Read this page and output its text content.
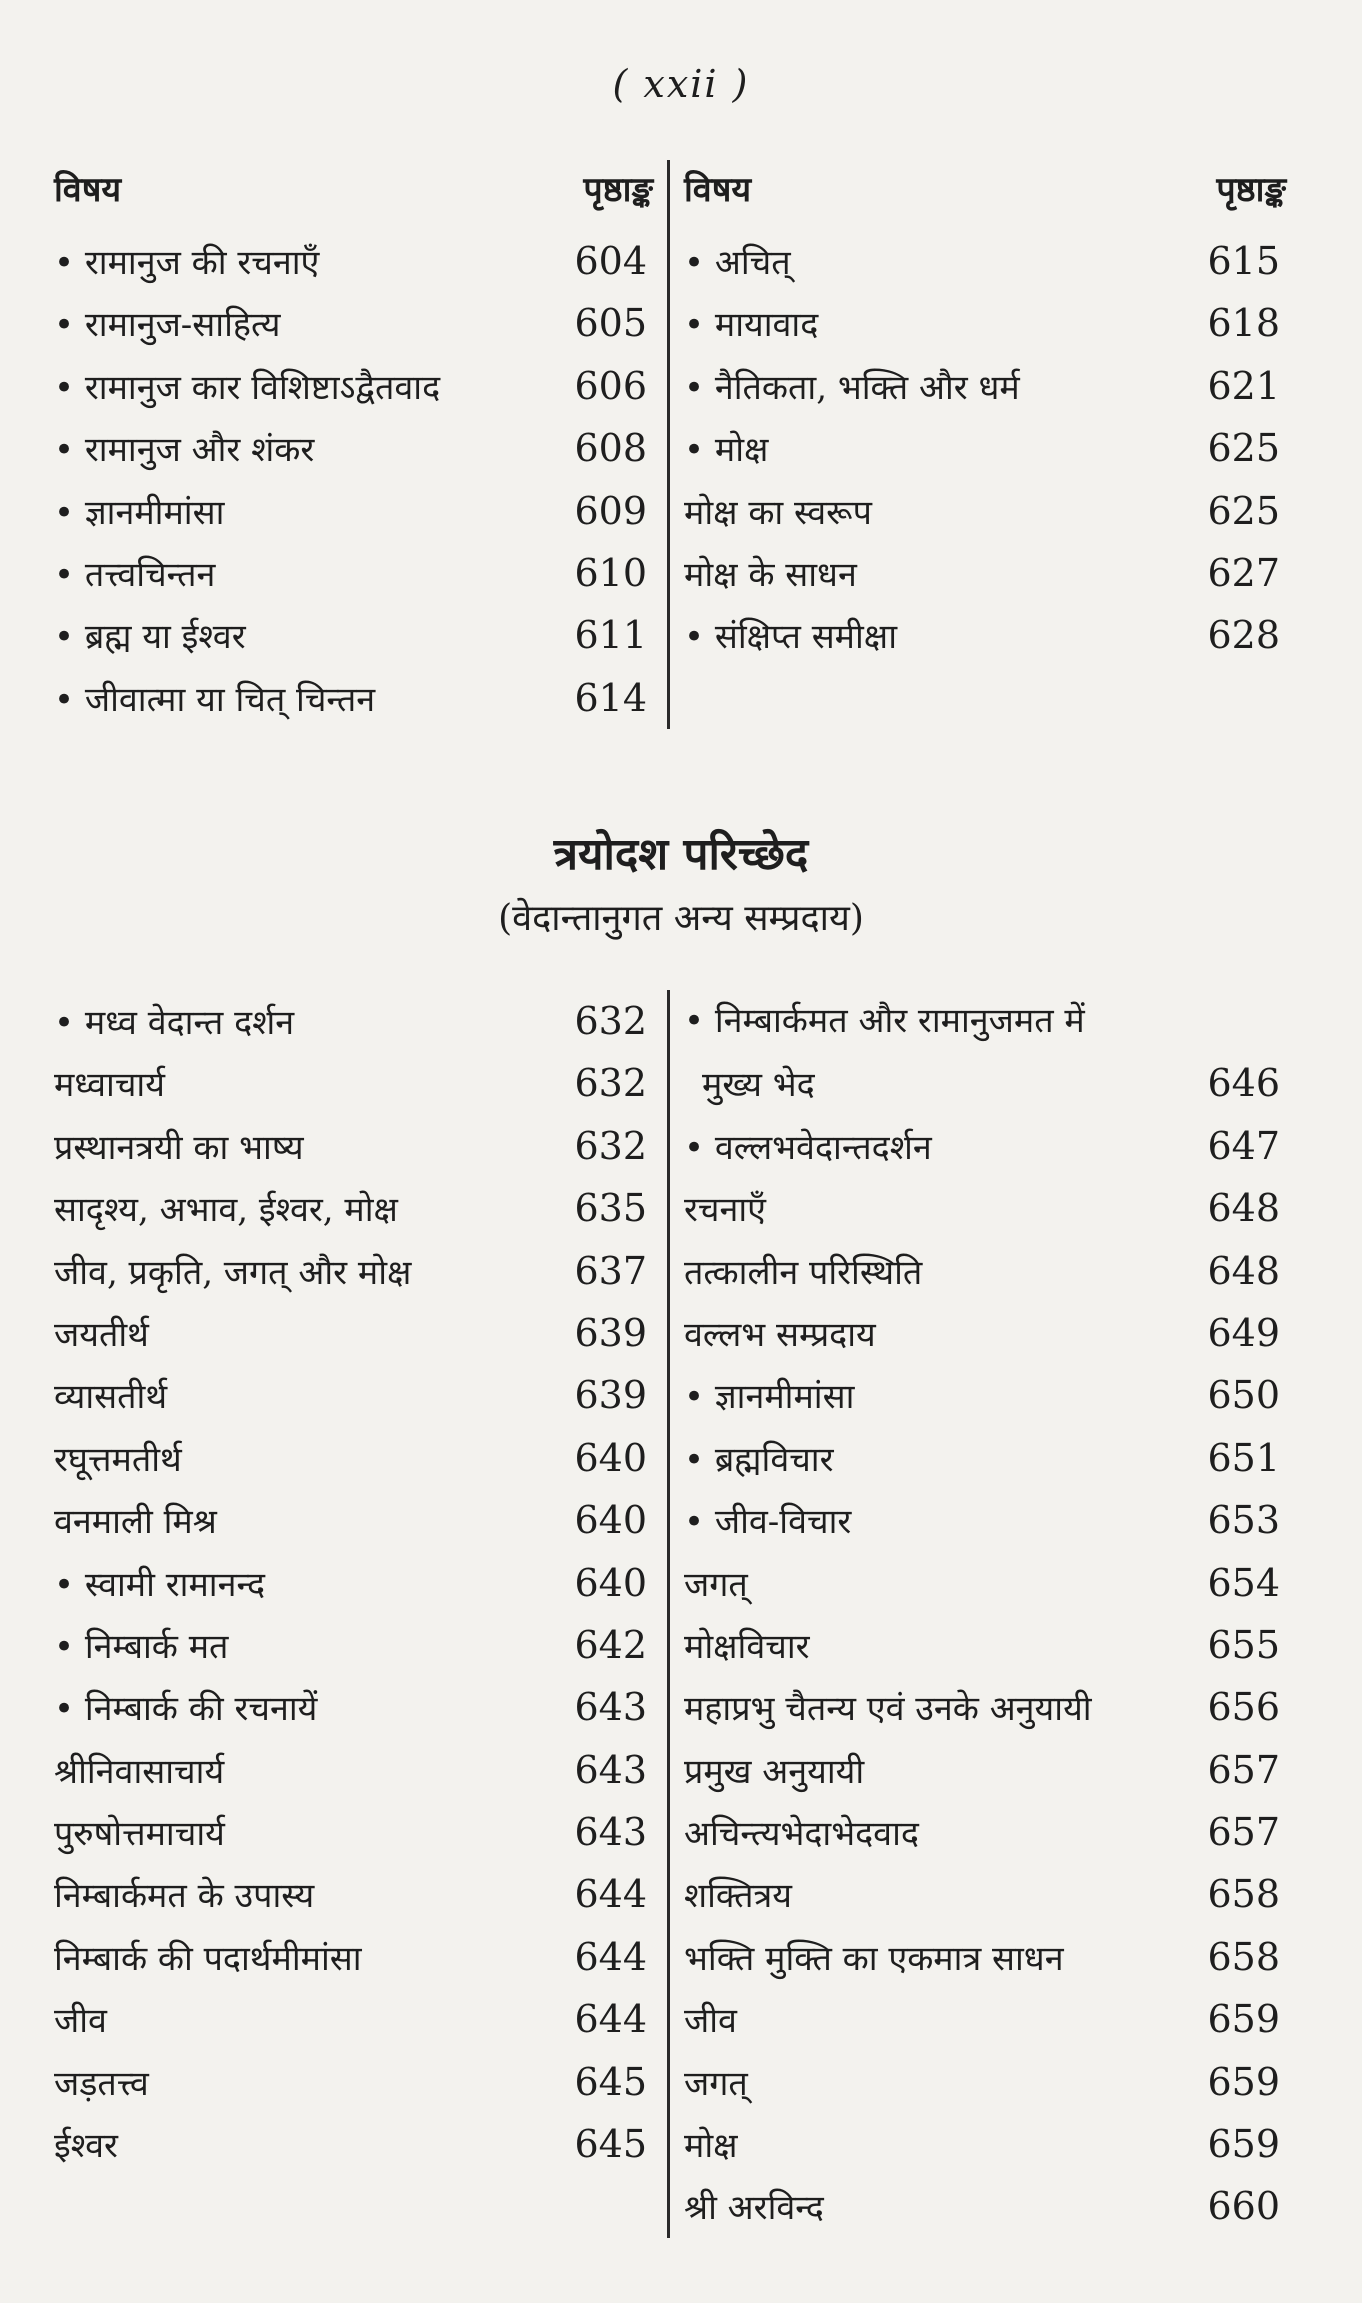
( xxii )
विषय	पृष्ठाङ्क
• रामानुज की रचनाएँ	604
• रामानुज-साहित्य	605
• रामानुज कार विशिष्टाऽद्वैतवाद	606
• रामानुज और शंकर	608
• ज्ञानमीमांसा	609
• तत्त्वचिन्तन	610
• ब्रह्म या ईश्वर	611
• जीवात्मा या चित् चिन्तन	614
विषय	पृष्ठाङ्क
• अचित्	615
• मायावाद	618
• नैतिकता, भक्ति और धर्म	621
• मोक्ष	625
मोक्ष का स्वरूप	625
मोक्ष के साधन	627
• संक्षिप्त समीक्षा	628
त्रयोदश परिच्छेद
(वेदान्तानुगत अन्य सम्प्रदाय)
• मध्व वेदान्त दर्शन	632
मध्वाचार्य	632
प्रस्थानत्रयी का भाष्य	632
सादृश्य, अभाव, ईश्वर, मोक्ष	635
जीव, प्रकृति, जगत् और मोक्ष	637
जयतीर्थ	639
व्यासतीर्थ	639
रघूत्तमतीर्थ	640
वनमाली मिश्र	640
• स्वामी रामानन्द	640
• निम्बार्क मत	642
• निम्बार्क की रचनायें	643
श्रीनिवासाचार्य	643
पुरुषोत्तमाचार्य	643
निम्बार्कमत के उपास्य	644
निम्बार्क की पदार्थमीमांसा	644
जीव	644
जड़तत्त्व	645
ईश्वर	645
• निम्बार्कमत और रामानुजमत में
मुख्य भेद	646
• वल्लभवेदान्तदर्शन	647
रचनाएँ	648
तत्कालीन परिस्थिति	648
वल्लभ सम्प्रदाय	649
• ज्ञानमीमांसा	650
• ब्रह्मविचार	651
• जीव-विचार	653
जगत्	654
मोक्षविचार	655
महाप्रभु चैतन्य एवं उनके अनुयायी	656
प्रमुख अनुयायी	657
अचिन्त्यभेदाभेदवाद	657
शक्तित्रय	658
भक्ति मुक्ति का एकमात्र साधन	658
जीव	659
जगत्	659
मोक्ष	659
श्री अरविन्द	660
